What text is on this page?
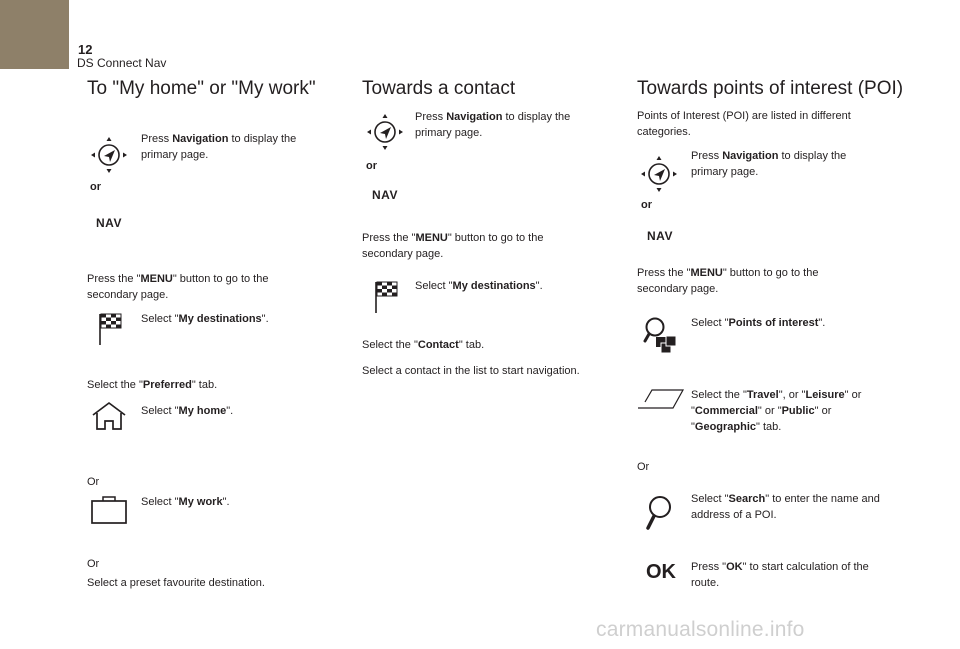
12
DS Connect Nav
To "My home" or "My work"
or
NAV
Press Navigation to display the primary page.
Press the "MENU" button to go to the secondary page.
Select "My destinations".
Select the "Preferred" tab.
Select "My home".
Or
Select "My work".
Or
Select a preset favourite destination.
Towards a contact
or
NAV
Press Navigation to display the primary page.
Press the "MENU" button to go to the secondary page.
Select "My destinations".
Select the "Contact" tab.
Select a contact in the list to start navigation.
Towards points of interest (POI)
Points of Interest (POI) are listed in different categories.
or
NAV
Press Navigation to display the primary page.
Press the "MENU" button to go to the secondary page.
Select "Points of interest".
Select the "Travel", or "Leisure" or "Commercial" or "Public" or "Geographic" tab.
Or
Select "Search" to enter the name and address of a POI.
OK Press "OK" to start calculation of the route.
carmanualsonline.info
